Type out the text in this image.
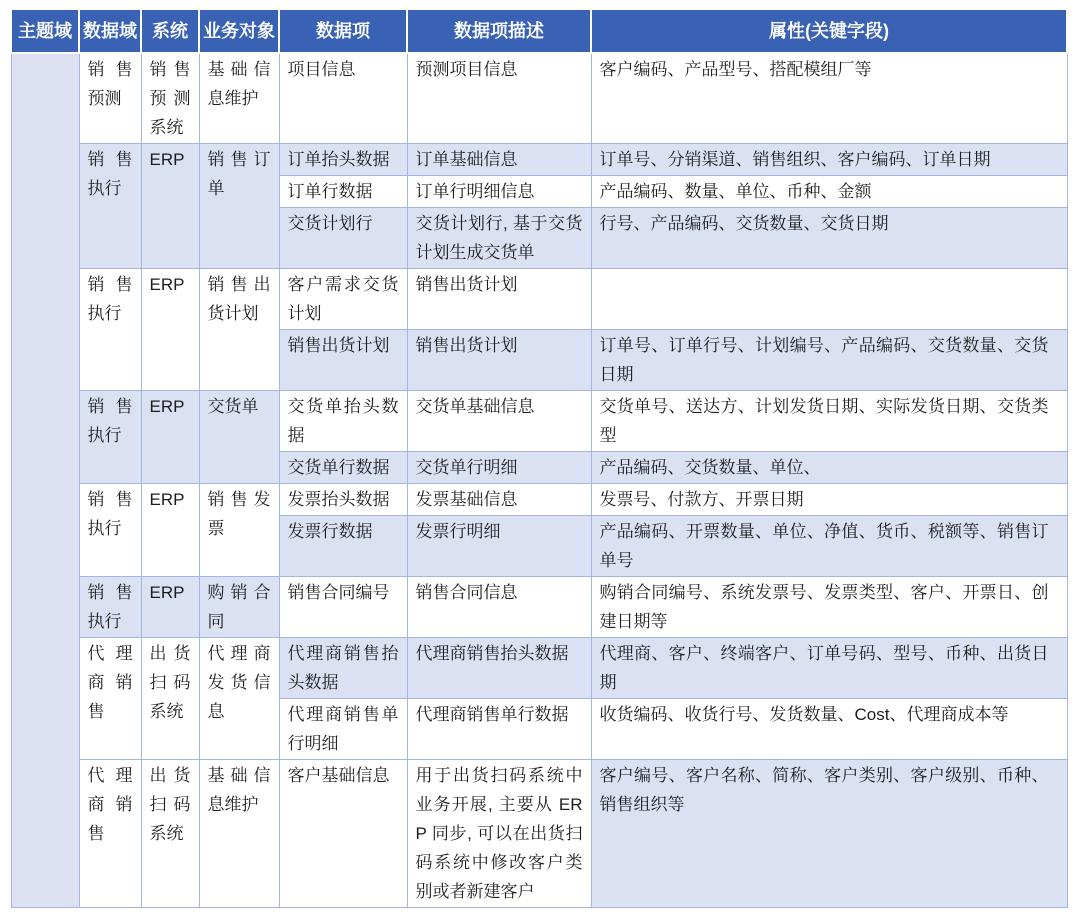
主题域	数据域	系统	业务对象	数据项	数据项描述	属性(关键字段)
	销售预测	销售预测系统	基础信息维护	项目信息	预测项目信息	客户编码、产品型号、搭配模组厂等
	销售执行	ERP	销售订单	订单抬头数据	订单基础信息	订单号、分销渠道、销售组织、客户编码、订单日期
				订单行数据	订单行明细信息	产品编码、数量、单位、币种、金额
				交货计划行	交货计划行, 基于交货计划生成交货单	行号、产品编码、交货数量、交货日期
	销售执行	ERP	销售出货计划	客户需求交货计划	销售出货计划	
				销售出货计划	销售出货计划	订单号、订单行号、计划编号、产品编码、交货数量、交货日期
	销售执行	ERP	交货单	交货单抬头数据	交货单基础信息	交货单号、送达方、计划发货日期、实际发货日期、交货类型
				交货单行数据	交货单行明细	产品编码、交货数量、单位、
	销售执行	ERP	销售发票	发票抬头数据	发票基础信息	发票号、付款方、开票日期
				发票行数据	发票行明细	产品编码、开票数量、单位、净值、货币、税额等、销售订单号
	销售执行	ERP	购销合同	销售合同编号	销售合同信息	购销合同编号、系统发票号、发票类型、客户、开票日、创建日期等
	代理商销售	出货扫码系统	代理商发货信息	代理商销售抬头数据	代理商销售抬头数据	代理商、客户、终端客户、订单号码、型号、币种、出货日期
				代理商销售单行明细	代理商销售单行数据	收货编码、收货行号、发货数量、Cost、代理商成本等
	代理商销售	出货扫码系统	基础信息维护	客户基础信息	用于出货扫码系统中业务开展, 主要从 ERP 同步, 可以在出货扫码系统中修改客户类别或者新建客户	客户编号、客户名称、简称、客户类别、客户级别、币种、销售组织等
